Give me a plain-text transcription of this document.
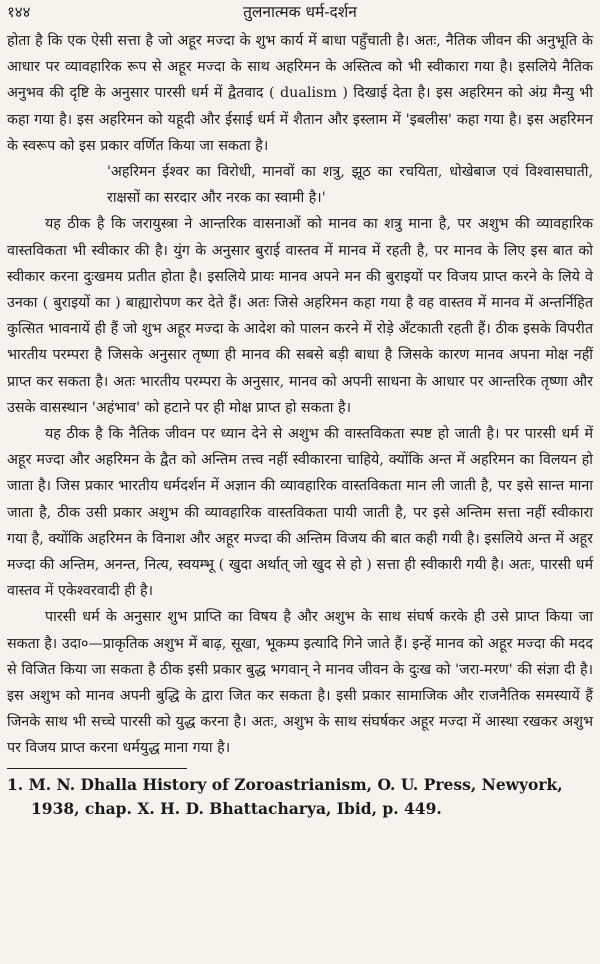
१४४	तुलनात्मक धर्म-दर्शन

होता है कि एक ऐसी सत्ता है जो अहूर मज्दा के शुभ कार्य में बाधा पहुँचाती है। अतः, नैतिक जीवन की अनुभूति के आधार पर व्यावहारिक रूप से अहूर मज्दा के साथ अहरिमन के अस्तित्व को भी स्वीकारा गया है। इसलिये नैतिक अनुभव की दृष्टि के अनुसार पारसी धर्म में द्वैतवाद ( dualism ) दिखाई देता है। इस अहरिमन को अंग्र मैन्यु भी कहा गया है। इस अहरिमन को यहूदी और ईसाई धर्म में शैतान और इस्लाम में 'इबलीस' कहा गया है। इस अहरिमन के स्वरूप को इस प्रकार वर्णित किया जा सकता है।

'अहरिमन ईश्वर का विरोधी, मानवों का शत्रु, झूठ का रचयिता, धोखेबाज एवं विश्वासघाती, राक्षसों का सरदार और नरक का स्वामी है।'

यह ठीक है कि जरायुस्त्रा ने आन्तरिक वासनाओं को मानव का शत्रु माना है, पर अशुभ की व्यावहारिक वास्तविकता भी स्वीकार की है। युंग के अनुसार बुराई वास्तव में मानव में रहती है, पर मानव के लिए इस बात को स्वीकार करना दुःखमय प्रतीत होता है। इसलिये प्रायः मानव अपने मन की बुराइयों पर विजय प्राप्त करने के लिये वे उनका ( बुराइयों का ) बाह्यारोपण कर देते हैं। अतः जिसे अहरिमन कहा गया है वह वास्तव में मानव में अन्तर्निहित कुत्सित भावनायें ही हैं जो शुभ अहूर मज्दा के आदेश को पालन करने में रोड़े अँटकाती रहती हैं। ठीक इसके विपरीत भारतीय परम्परा है जिसके अनुसार तृष्णा ही मानव की सबसे बड़ी बाधा है जिसके कारण मानव अपना मोक्ष नहीं प्राप्त कर सकता है। अतः भारतीय परम्परा के अनुसार, मानव को अपनी साधना के आधार पर आन्तरिक तृष्णा और उसके वासस्थान 'अहंभाव' को हटाने पर ही मोक्ष प्राप्त हो सकता है।

यह ठीक है कि नैतिक जीवन पर ध्यान देने से अशुभ की वास्तविकता स्पष्ट हो जाती है। पर पारसी धर्म में अहूर मज्दा और अहरिमन के द्वैत को अन्तिम तत्त्व नहीं स्वीकारना चाहिये, क्योंकि अन्त में अहरिमन का विलयन हो जाता है। जिस प्रकार भारतीय धर्मदर्शन में अज्ञान की व्यावहारिक वास्तविकता मान ली जाती है, पर इसे सान्त माना जाता है, ठीक उसी प्रकार अशुभ की व्यावहारिक वास्तविकता पायी जाती है, पर इसे अन्तिम सत्ता नहीं स्वीकारा गया है, क्योंकि अहरिमन के विनाश और अहूर मज्दा की अन्तिम विजय की बात कही गयी है। इसलिये अन्त में अहूर मज्दा की अन्तिम, अनन्त, नित्य, स्वयम्भू ( खुदा अर्थात् जो खुद से हो ) सत्ता ही स्वीकारी गयी है। अतः, पारसी धर्म वास्तव में एकेश्वरवादी ही है।

पारसी धर्म के अनुसार शुभ प्राप्ति का विषय है और अशुभ के साथ संघर्ष करके ही उसे प्राप्त किया जा सकता है। उदा०—प्राकृतिक अशुभ में बाढ़, सूखा, भूकम्प इत्यादि गिने जाते हैं। इन्हें मानव को अहूर मज्दा की मदद से विजित किया जा सकता है ठीक इसी प्रकार बुद्ध भगवान् ने मानव जीवन के दुःख को 'जरा-मरण' की संज्ञा दी है। इस अशुभ को मानव अपनी बुद्धि के द्वारा जित कर सकता है। इसी प्रकार सामाजिक और राजनैतिक समस्यायें हैं जिनके साथ भी सच्चे पारसी को युद्ध करना है। अतः, अशुभ के साथ संघर्षकर अहूर मज्दा में आस्था रखकर अशुभ पर विजय प्राप्त करना धर्मयुद्ध माना गया है।

1. M. N. Dhalla History of Zoroastrianism, O. U. Press, Newyork,
1938, chap. X. H. D. Bhattacharya, Ibid, p. 449.
